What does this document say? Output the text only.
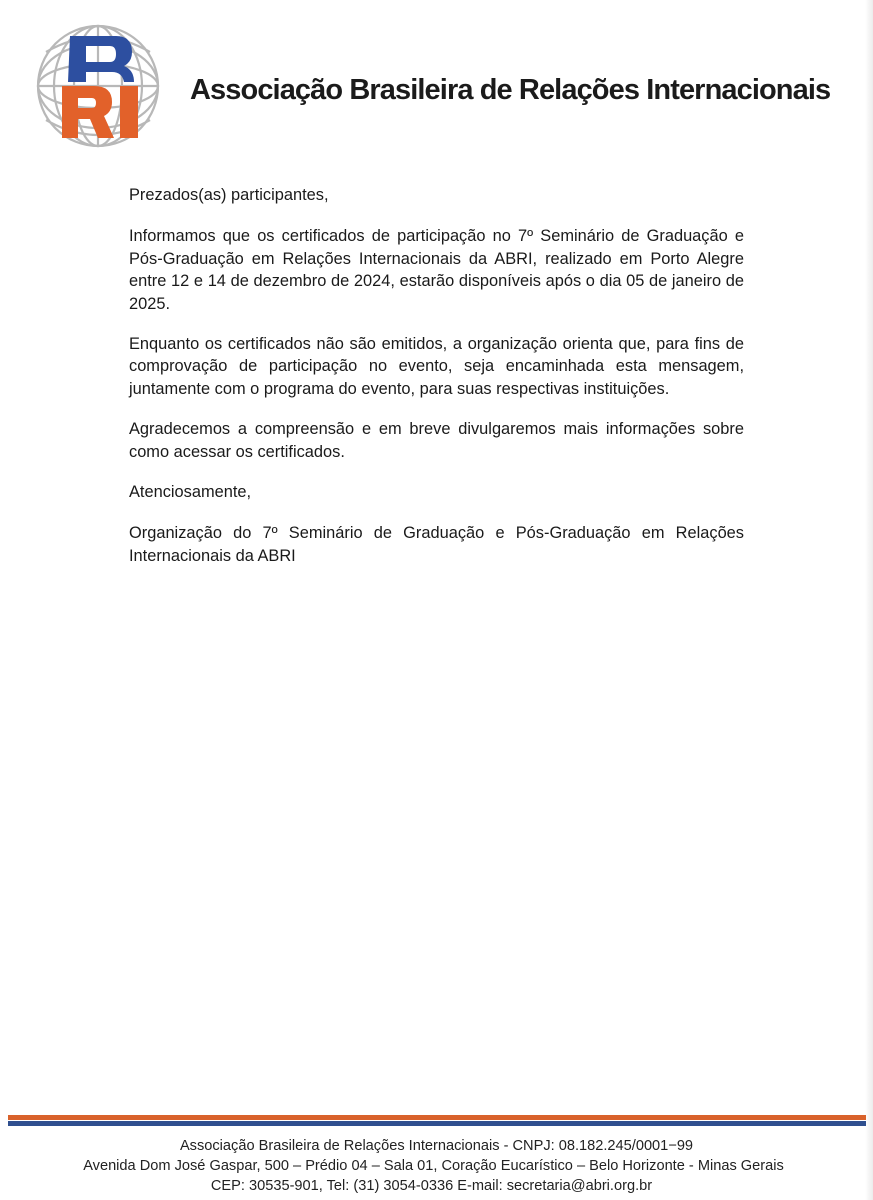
Associação Brasileira de Relações Internacionais

Prezados(as) participantes,

Informamos que os certificados de participação no 7º Seminário de Graduação e Pós-Graduação em Relações Internacionais da ABRI, realizado em Porto Alegre entre 12 e 14 de dezembro de 2024, estarão disponíveis após o dia 05 de janeiro de 2025.

Enquanto os certificados não são emitidos, a organização orienta que, para fins de comprovação de participação no evento, seja encaminhada esta mensagem, juntamente com o programa do evento, para suas respectivas instituições.

Agradecemos a compreensão e em breve divulgaremos mais informações sobre como acessar os certificados.

Atenciosamente,

Organização do 7º Seminário de Graduação e Pós-Graduação em Relações Internacionais da ABRI

Associação Brasileira de Relações Internacionais - CNPJ: 08.182.245/0001−99
Avenida Dom José Gaspar, 500 – Prédio 04 – Sala 01, Coração Eucarístico – Belo Horizonte - Minas Gerais
CEP: 30535-901, Tel: (31) 3054-0336 E-mail: secretaria@abri.org.br
